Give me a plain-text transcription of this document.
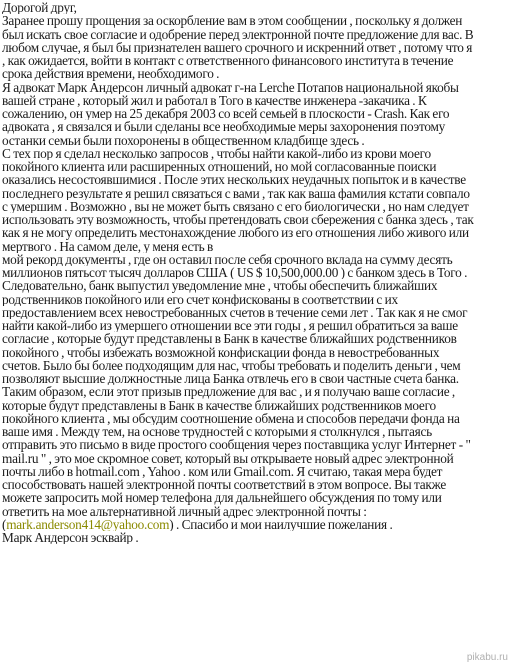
Дорогой друг,
Заранее прошу прощения за оскорбление вам в этом сообщении , поскольку я должен
был искать свое согласие и одобрение перед электронной почте предложение для вас. В
любом случае, я был бы признателен вашего срочного и искренний ответ , потому что я
, как ожидается, войти в контакт с ответственного финансового института в течение
срока действия времени, необходимого .
Я адвокат Марк Андерсон личный адвокат г-на Lerche Потапов национальной якобы
вашей стране , который жил и работал в Того в качестве инженера -закачика . К
сожалению, он умер на 25 декабря 2003 со всей семьей в плоскости - Crash. Как его
адвоката , я связался и были сделаны все необходимые меры захоронения поэтому
останки семьи были похоронены в общественном кладбище здесь .
С тех пор я сделал несколько запросов , чтобы найти какой-либо из крови моего
покойного клиента или расширенных отношений, но мой согласованные поиски
оказались несостоявшимися . После этих нескольких неудачных попыток и в качестве
последнего результате я решил связаться с вами , так как ваша фамилия кстати совпало
с умершим . Возможно , вы не может быть связано с его биологически , но нам следует
использовать эту возможность, чтобы претендовать свои сбережения с банка здесь , так
как я не могу определить местонахождение любого из его отношения либо живого или
мертвого . На самом деле, у меня есть в
мой рекорд документы , где он оставил после себя срочного вклада на сумму десять
миллионов пятьсот тысяч долларов США ( US $ 10,500,000.00 ) с банком здесь в Того .
Следовательно, банк выпустил уведомление мне , чтобы обеспечить ближайших
родственников покойного или его счет конфискованы в соответствии с их
предоставлением всех невостребованных счетов в течение семи лет . Так как я не смог
найти какой-либо из умершего отношении все эти годы , я решил обратиться за ваше
согласие , которые будут представлены в Банк в качестве ближайших родственников
покойного , чтобы избежать возможной конфискации фонда в невостребованных
счетов. Было бы более подходящим для нас, чтобы требовать и поделить деньги , чем
позволяют высшие должностные лица Банка отвлечь его в свои частные счета банка.
Таким образом, если этот призыв предложение для вас , и я получаю ваше согласие ,
которые будут представлены в Банк в качестве ближайших родственников моего
покойного клиента , мы обсудим соотношение обмена и способов передачи фонда на
ваше имя . Между тем, на основе трудностей с которыми я столкнулся , пытаясь
отправить это письмо в виде простого сообщения через поставщика услуг Интернет - "
mail.ru " , это мое скромное совет, который вы открываете новый адрес электронной
почты либо в hotmail.com , Yahoo . ком или Gmail.com. Я считаю, такая мера будет
способствовать нашей электронной почты соответствий в этом вопросе. Вы также
можете запросить мой номер телефона для дальнейшего обсуждения по тому или
ответить на мое альтернативной личный адрес электронной почты :
(mark.anderson414@yahoo.com) . Спасибо и мои наилучшие пожелания .
Марк Андерсон эсквайр .
pikabu.ru
